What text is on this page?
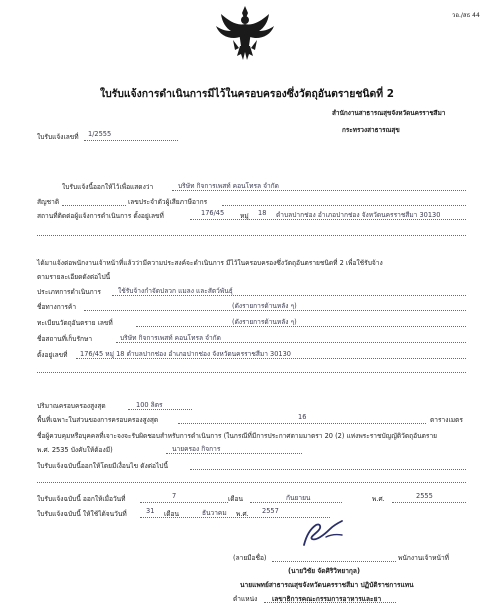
วอ./สธ 44
ใบรับแจ้งการดำเนินการมีไว้ในครอบครองซึ่งวัตถุอันตรายชนิดที่ 2
สำนักงานสาธารณสุขจังหวัดนครราชสีมา
กระทรวงสาธารณสุข
ใบรับแจ้งเลขที่ 1/2555
ใบรับแจ้งนี้ออกให้ไว้เพื่อแสดงว่า	บริษัท กิจการเพสท์ คอนโทรล จำกัด
สัญชาติ	เลขประจำตัวผู้เสียภาษีอากร
สถานที่ติดต่อผู้แจ้งการดำเนินการ ตั้งอยู่เลขที่	176/45 หมู่ 18 ตำบลปากช่อง อำเภอปากช่อง จังหวัดนครราชสีมา 30130
ได้มาแจ้งต่อพนักงานเจ้าหน้าที่แล้วว่ามีความประสงค์จะดำเนินการ มีไว้ในครอบครองซึ่งวัตถุอันตรายชนิดที่ 2 เพื่อใช้รับจ้าง
ตามรายละเอียดดังต่อไปนี้
ประเภทการดำเนินการ	ใช้รับจ้างกำจัดปลวก แมลง และสัตว์พันธุ์
ชื่อทางการค้า	(ดังรายการด้านหลัง ๆ)
ทะเบียนวัตถุอันตราย เลขที่	(ดังรายการด้านหลัง ๆ)
ชื่อสถานที่เก็บรักษา	บริษัท กิจการเพสท์ คอนโทรล จำกัด
ตั้งอยู่เลขที่ 176/45 หมู่ 18 ตำบลปากช่อง อำเภอปากช่อง จังหวัดนครราชสีมา 30130
ปริมาณครอบครองสูงสุด	100 ลิตร
พื้นที่เฉพาะในส่วนของการครอบครองสูงสุด	16	ตารางเมตร
ชื่อผู้ควบคุมหรือบุคคลที่เจาะจงจะรับผิดชอบสำหรับการดำเนินการ (ในกรณีที่มีการประกาศตามมาตรา 20 (2) แห่งพระราชบัญญัติวัตถุอันตราย
พ.ศ. 2535 บังคับให้ต้องมี)	นายครอง กิจการ
ใบรับแจ้งฉบับนี้ออกให้โดยมีเงื่อนไข ดังต่อไปนี้
ใบรับแจ้งฉบับนี้ ออกให้เมื่อวันที่	7	เดือน	กันยายน	พ.ศ.	2555
ใบรับแจ้งฉบับนี้ ให้ใช้ได้จนวันที่	31 เดือน	ธันวาคม พ.ศ. 2557
(ลายมือชื่อ)	พนักงานเจ้าหน้าที่
(นายวิชัย จัดศิริวิทยากุล)
นายแพทย์สาธารณสุขจังหวัดนครราชสีมา ปฏิบัติราชการแทน
ตำแหน่ง เลขาธิการคณะกรรมการอาหารและยา
